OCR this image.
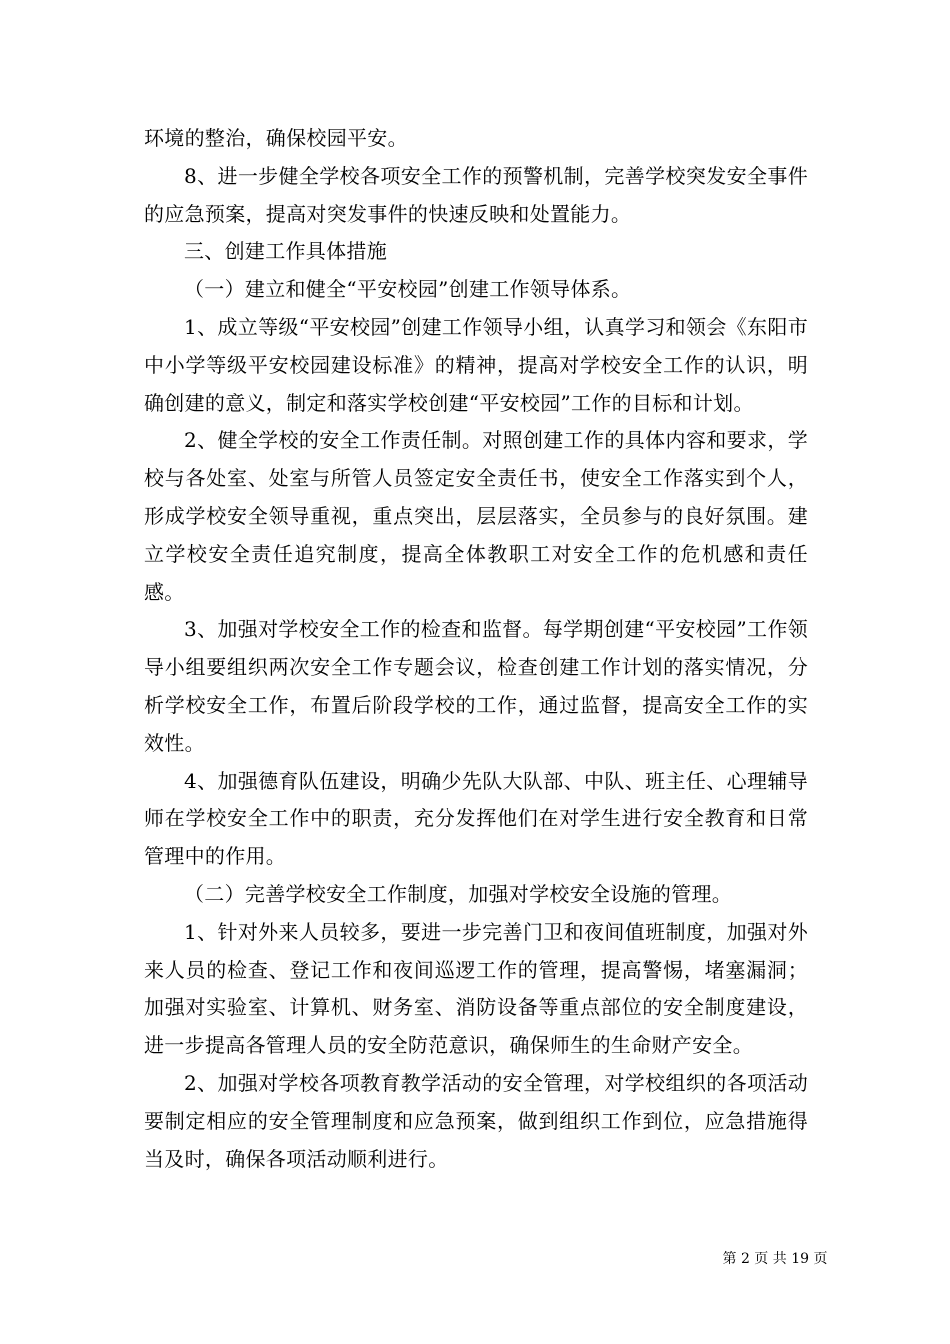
环境的整治，确保校园平安。

8、进一步健全学校各项安全工作的预警机制，完善学校突发安全事件的应急预案，提高对突发事件的快速反映和处置能力。

三、创建工作具体措施

（一）建立和健全“平安校园”创建工作领导体系。

1、成立等级“平安校园”创建工作领导小组，认真学习和领会《东阳市中小学等级平安校园建设标准》的精神，提高对学校安全工作的认识，明确创建的意义，制定和落实学校创建“平安校园”工作的目标和计划。

2、健全学校的安全工作责任制。对照创建工作的具体内容和要求，学校与各处室、处室与所管人员签定安全责任书，使安全工作落实到个人，形成学校安全领导重视，重点突出，层层落实，全员参与的良好氛围。建立学校安全责任追究制度，提高全体教职工对安全工作的危机感和责任感。

3、加强对学校安全工作的检查和监督。每学期创建“平安校园”工作领导小组要组织两次安全工作专题会议，检查创建工作计划的落实情况，分析学校安全工作，布置后阶段学校的工作，通过监督，提高安全工作的实效性。

4、加强德育队伍建设，明确少先队大队部、中队、班主任、心理辅导师在学校安全工作中的职责，充分发挥他们在对学生进行安全教育和日常管理中的作用。

（二）完善学校安全工作制度，加强对学校安全设施的管理。

1、针对外来人员较多，要进一步完善门卫和夜间值班制度，加强对外来人员的检查、登记工作和夜间巡逻工作的管理，提高警惕，堵塞漏洞；加强对实验室、计算机、财务室、消防设备等重点部位的安全制度建设，进一步提高各管理人员的安全防范意识，确保师生的生命财产安全。

2、加强对学校各项教育教学活动的安全管理，对学校组织的各项活动要制定相应的安全管理制度和应急预案，做到组织工作到位，应急措施得当及时，确保各项活动顺利进行。

第 2 页 共 19 页
